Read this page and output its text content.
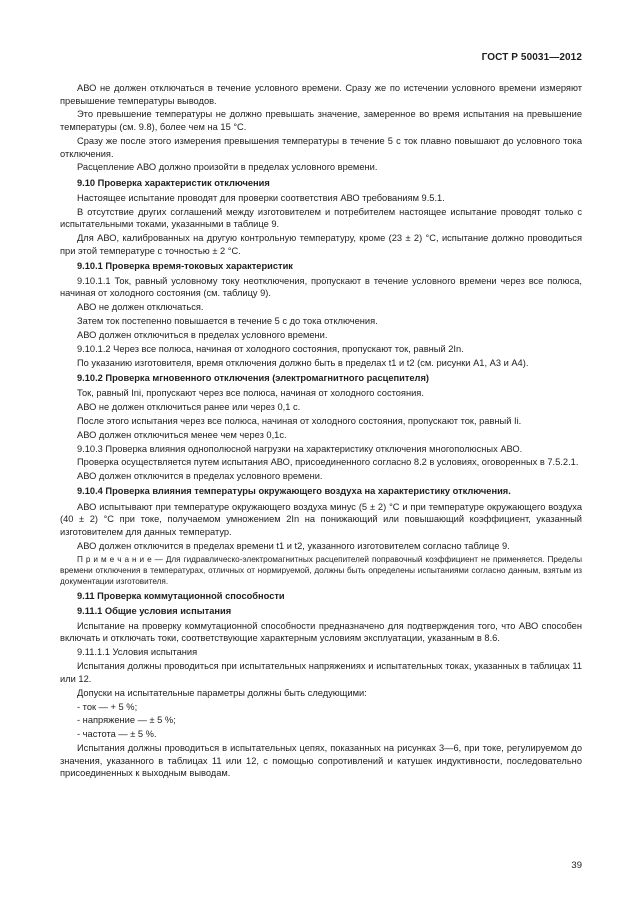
ГОСТ Р 50031—2012

АВО не должен отключаться в течение условного времени. Сразу же по истечении условного времени измеряют превышение температуры выводов.

Это превышение температуры не должно превышать значение, замеренное во время испытания на превышение температуры (см. 9.8), более чем на 15 °С.

Сразу же после этого измерения превышения температуры в течение 5 с ток плавно повышают до условного тока отключения.

Расцепление АВО должно произойти в пределах условного времени.

9.10 Проверка характеристик отключения

Настоящее испытание проводят для проверки соответствия АВО требованиям 9.5.1.

В отсутствие других соглашений между изготовителем и потребителем настоящее испытание проводят только с испытательными токами, указанными в таблице 9.

Для АВО, калиброванных на другую контрольную температуру, кроме (23 ± 2) °С, испытание должно проводиться при этой температуре с точностью ± 2 °С.

9.10.1 Проверка время-токовых характеристик

9.10.1.1 Ток, равный условному току неотключения, пропускают в течение условного времени через все полюса, начиная от холодного состояния (см. таблицу 9).

АВО не должен отключаться.

Затем ток постепенно повышается в течение 5 с до тока отключения.

АВО должен отключиться в пределах условного времени.

9.10.1.2 Через все полюса, начиная от холодного состояния, пропускают ток, равный 2In.

По указанию изготовителя, время отключения должно быть в пределах t1 и t2 (см. рисунки А1, А3 и А4).

9.10.2 Проверка мгновенного отключения (электромагнитного расцепителя)

Ток, равный Ini, пропускают через все полюса, начиная от холодного состояния.

АВО не должен отключиться ранее или через 0,1 с.

После этого испытания через все полюса, начиная от холодного состояния, пропускают ток, равный Ii.

АВО должен отключиться менее чем через 0,1с.

9.10.3 Проверка влияния однополюсной нагрузки на характеристику отключения многополюсных АВО.

Проверка осуществляется путем испытания АВО, присоединенного согласно 8.2 в условиях, оговоренных в 7.5.2.1.

АВО должен отключится в пределах условного времени.

9.10.4 Проверка влияния температуры окружающего воздуха на характеристику отключения.

АВО испытывают при температуре окружающего воздуха минус (5 ± 2) °С и при температуре окружающего воздуха (40 ± 2) °С при токе, получаемом умножением 2In на понижающий или повышающий коэффициент, указанный изготовителем для данных температур.

АВО должен отключится в пределах времени t1 и t2, указанного изготовителем согласно таблице 9.

П р и м е ч а н и е — Для гидравлическо-электромагнитных расцепителей поправочный коэффициент не применяется. Пределы времени отключения в температурах, отличных от нормируемой, должны быть определены испытаниями согласно данным, взятым из документации изготовителя.

9.11 Проверка коммутационной способности

9.11.1 Общие условия испытания

Испытание на проверку коммутационной способности предназначено для подтверждения того, что АВО способен включать и отключать токи, соответствующие характерным условиям эксплуатации, указанным в 8.6.

9.11.1.1 Условия испытания

Испытания должны проводиться при испытательных напряжениях и испытательных токах, указанных в таблицах 11 или 12.

Допуски на испытательные параметры должны быть следующими:

- ток — + 5 %;

- напряжение — ± 5 %;

- частота — ± 5 %.

Испытания должны проводиться в испытательных цепях, показанных на рисунках 3—6, при токе, регулируемом до значения, указанного в таблицах 11 или 12, с помощью сопротивлений и катушек индуктивности, последовательно присоединенных к выходным выводам.

39
